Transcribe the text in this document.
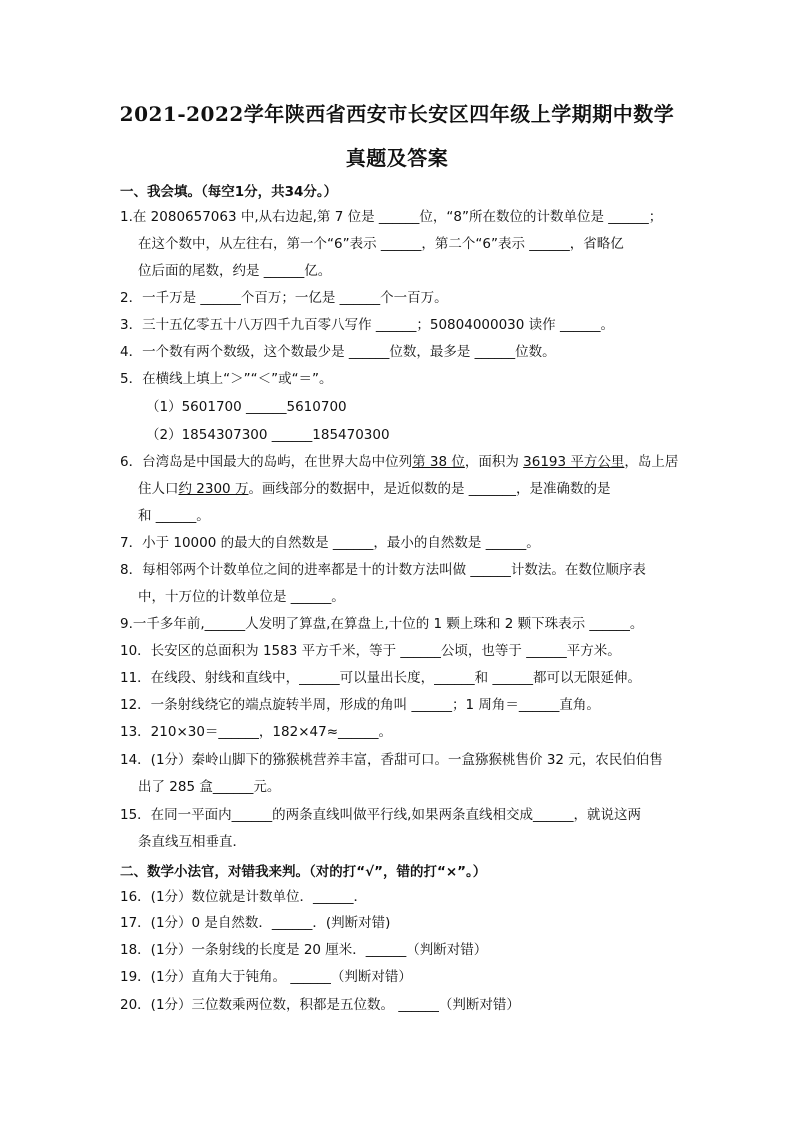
2021-2022学年陕西省西安市长安区四年级上学期期中数学
真题及答案
一、我会填。（每空1分，共34分。）
1.在 2080657063 中,从右边起,第 7 位是 ______位，“8”所在数位的计数单位是 ______；
在这个数中，从左往右，第一个“6”表示 ______，第二个“6”表示 ______，省略亿
位后面的尾数，约是 ______亿。
2．一千万是 ______个百万；一亿是 ______个一百万。
3．三十五亿零五十八万四千九百零八写作 ______；50804000030 读作 ______。
4．一个数有两个数级，这个数最少是 ______位数，最多是 ______位数。
5．在横线上填上“＞”“＜”或“＝”。
（1）5601700 ______5610700
（2）1854307300 ______185470300
6．台湾岛是中国最大的岛屿，在世界大岛中位列第 38 位，面积为 36193 平方公里，岛上居
住人口约 2300 万。画线部分的数据中，是近似数的是 _______，是准确数的是
和 ______。
7．小于 10000 的最大的自然数是 ______，最小的自然数是 ______。
8．每相邻两个计数单位之间的进率都是十的计数方法叫做 ______计数法。在数位顺序表
中，十万位的计数单位是 ______。
9.一千多年前,______人发明了算盘,在算盘上,十位的 1 颗上珠和 2 颗下珠表示 ______。
10．长安区的总面积为 1583 平方千米，等于 ______公顷，也等于 ______平方米。
11．在线段、射线和直线中，______可以量出长度，______和 ______都可以无限延伸。
12．一条射线绕它的端点旋转半周，形成的角叫 ______；1 周角＝______直角。
13．210×30＝______，182×47≈______。
14．(1分）秦岭山脚下的猕猴桃营养丰富，香甜可口。一盒猕猴桃售价 32 元，农民伯伯售
出了 285 盒______元。
15．在同一平面内______的两条直线叫做平行线,如果两条直线相交成______，就说这两
条直线互相垂直．
二、数学小法官，对错我来判。（对的打“√”，错的打“×”。）
16．(1分）数位就是计数单位．______．
17．(1分）0 是自然数．______．(判断对错)
18．(1分）一条射线的长度是 20 厘米．______（判断对错）
19．(1分）直角大于钝角。 ______（判断对错）
20．(1分）三位数乘两位数，积都是五位数。 ______（判断对错）
